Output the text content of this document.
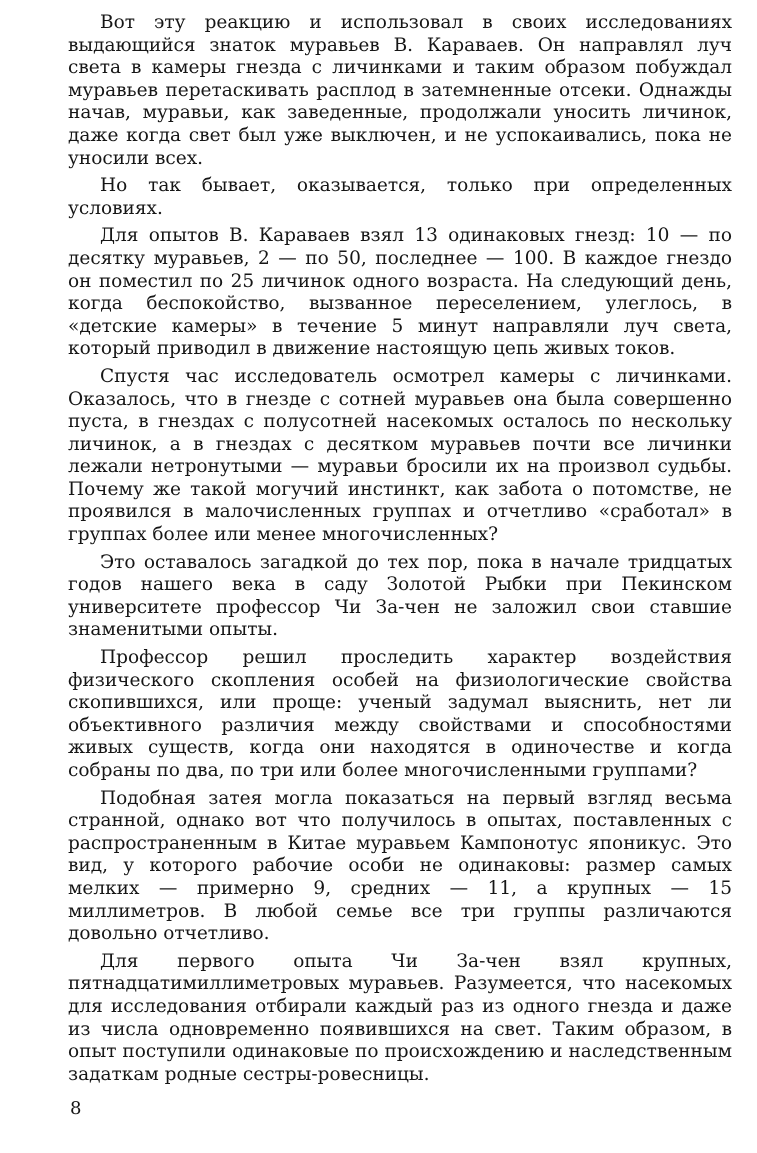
Вот эту реакцию и использовал в своих исследованиях выдающийся знаток муравьев В. Караваев. Он направлял луч света в камеры гнезда с личинками и таким образом побуждал муравьев перетаскивать расплод в затемненные отсеки. Однажды начав, муравьи, как заведенные, продолжали уносить личинок, даже когда свет был уже выключен, и не успокаивались, пока не уносили всех.

Но так бывает, оказывается, только при определенных условиях.

Для опытов В. Караваев взял 13 одинаковых гнезд: 10 — по десятку муравьев, 2 — по 50, последнее — 100. В каждое гнездо он поместил по 25 личинок одного возраста. На следующий день, когда беспокойство, вызванное переселением, улеглось, в «детские камеры» в течение 5 минут направляли луч света, который приводил в движение настоящую цепь живых токов.

Спустя час исследователь осмотрел камеры с личинками. Оказалось, что в гнезде с сотней муравьев она была совершенно пуста, в гнездах с полусотней насекомых осталось по нескольку личинок, а в гнездах с десятком муравьев почти все личинки лежали нетронутыми — муравьи бросили их на произвол судьбы. Почему же такой могучий инстинкт, как забота о потомстве, не проявился в малочисленных группах и отчетливо «сработал» в группах более или менее многочисленных?

Это оставалось загадкой до тех пор, пока в начале тридцатых годов нашего века в саду Золотой Рыбки при Пекинском университете профессор Чи За-чен не заложил свои ставшие знаменитыми опыты.

Профессор решил проследить характер воздействия физического скопления особей на физиологические свойства скопившихся, или проще: ученый задумал выяснить, нет ли объективного различия между свойствами и способностями живых существ, когда они находятся в одиночестве и когда собраны по два, по три или более многочисленными группами?

Подобная затея могла показаться на первый взгляд весьма странной, однако вот что получилось в опытах, поставленных с распространенным в Китае муравьем Кампонотус японикус. Это вид, у которого рабочие особи не одинаковы: размер самых мелких — примерно 9, средних — 11, а крупных — 15 миллиметров. В любой семье все три группы различаются довольно отчетливо.

Для первого опыта Чи За-чен взял крупных, пятнадцатимиллиметровых муравьев. Разумеется, что насекомых для исследования отбирали каждый раз из одного гнезда и даже из числа одновременно появившихся на свет. Таким образом, в опыт поступили одинаковые по происхождению и наследственным задаткам родные сестры-ровесницы.

8
